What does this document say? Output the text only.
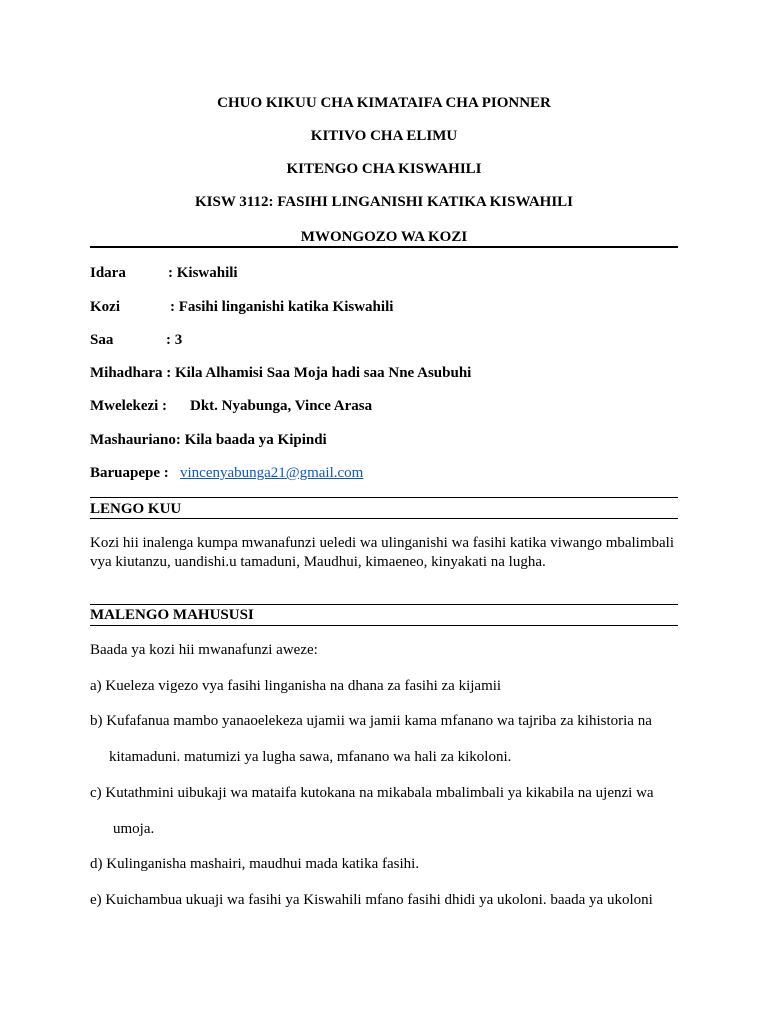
CHUO KIKUU CHA KIMATAIFA CHA PIONNER
KITIVO CHA ELIMU
KITENGO CHA KISWAHILI
KISW 3112: FASIHI LINGANISHI KATIKA KISWAHILI
MWONGOZO WA KOZI
Idara	: Kiswahili
Kozi	: Fasihi linganishi katika Kiswahili
Saa	: 3
Mihadhara : Kila Alhamisi Saa Moja hadi saa Nne Asubuhi
Mwelekezi : Dkt. Nyabunga, Vince Arasa
Mashauriano: Kila baada ya Kipindi
Baruapepe : vincenyabunga21@gmail.com
LENGO KUU
Kozi hii inalenga kumpa mwanafunzi ueledi wa ulinganishi wa fasihi katika viwango mbalimbali vya kiutanzu, uandishi.u tamaduni, Maudhui, kimaeneo, kinyakati na lugha.
MALENGO MAHUSUSI
Baada ya kozi hii mwanafunzi aweze:
a) Kueleza vigezo vya fasihi linganisha na dhana za fasihi za kijamii
b) Kufafanua mambo yanaoelekeza ujamii wa jamii kama mfanano wa tajriba za kihistoria na
kitamaduni. matumizi ya lugha sawa, mfanano wa hali za kikoloni.
c) Kutathmini uibukaji wa mataifa kutokana na mikabala mbalimbali ya kikabila na ujenzi wa
umoja.
d) Kulinganisha mashairi, maudhui mada katika fasihi.
e) Kuichambua ukuaji wa fasihi ya Kiswahili mfano fasihi dhidi ya ukoloni. baada ya ukoloni
